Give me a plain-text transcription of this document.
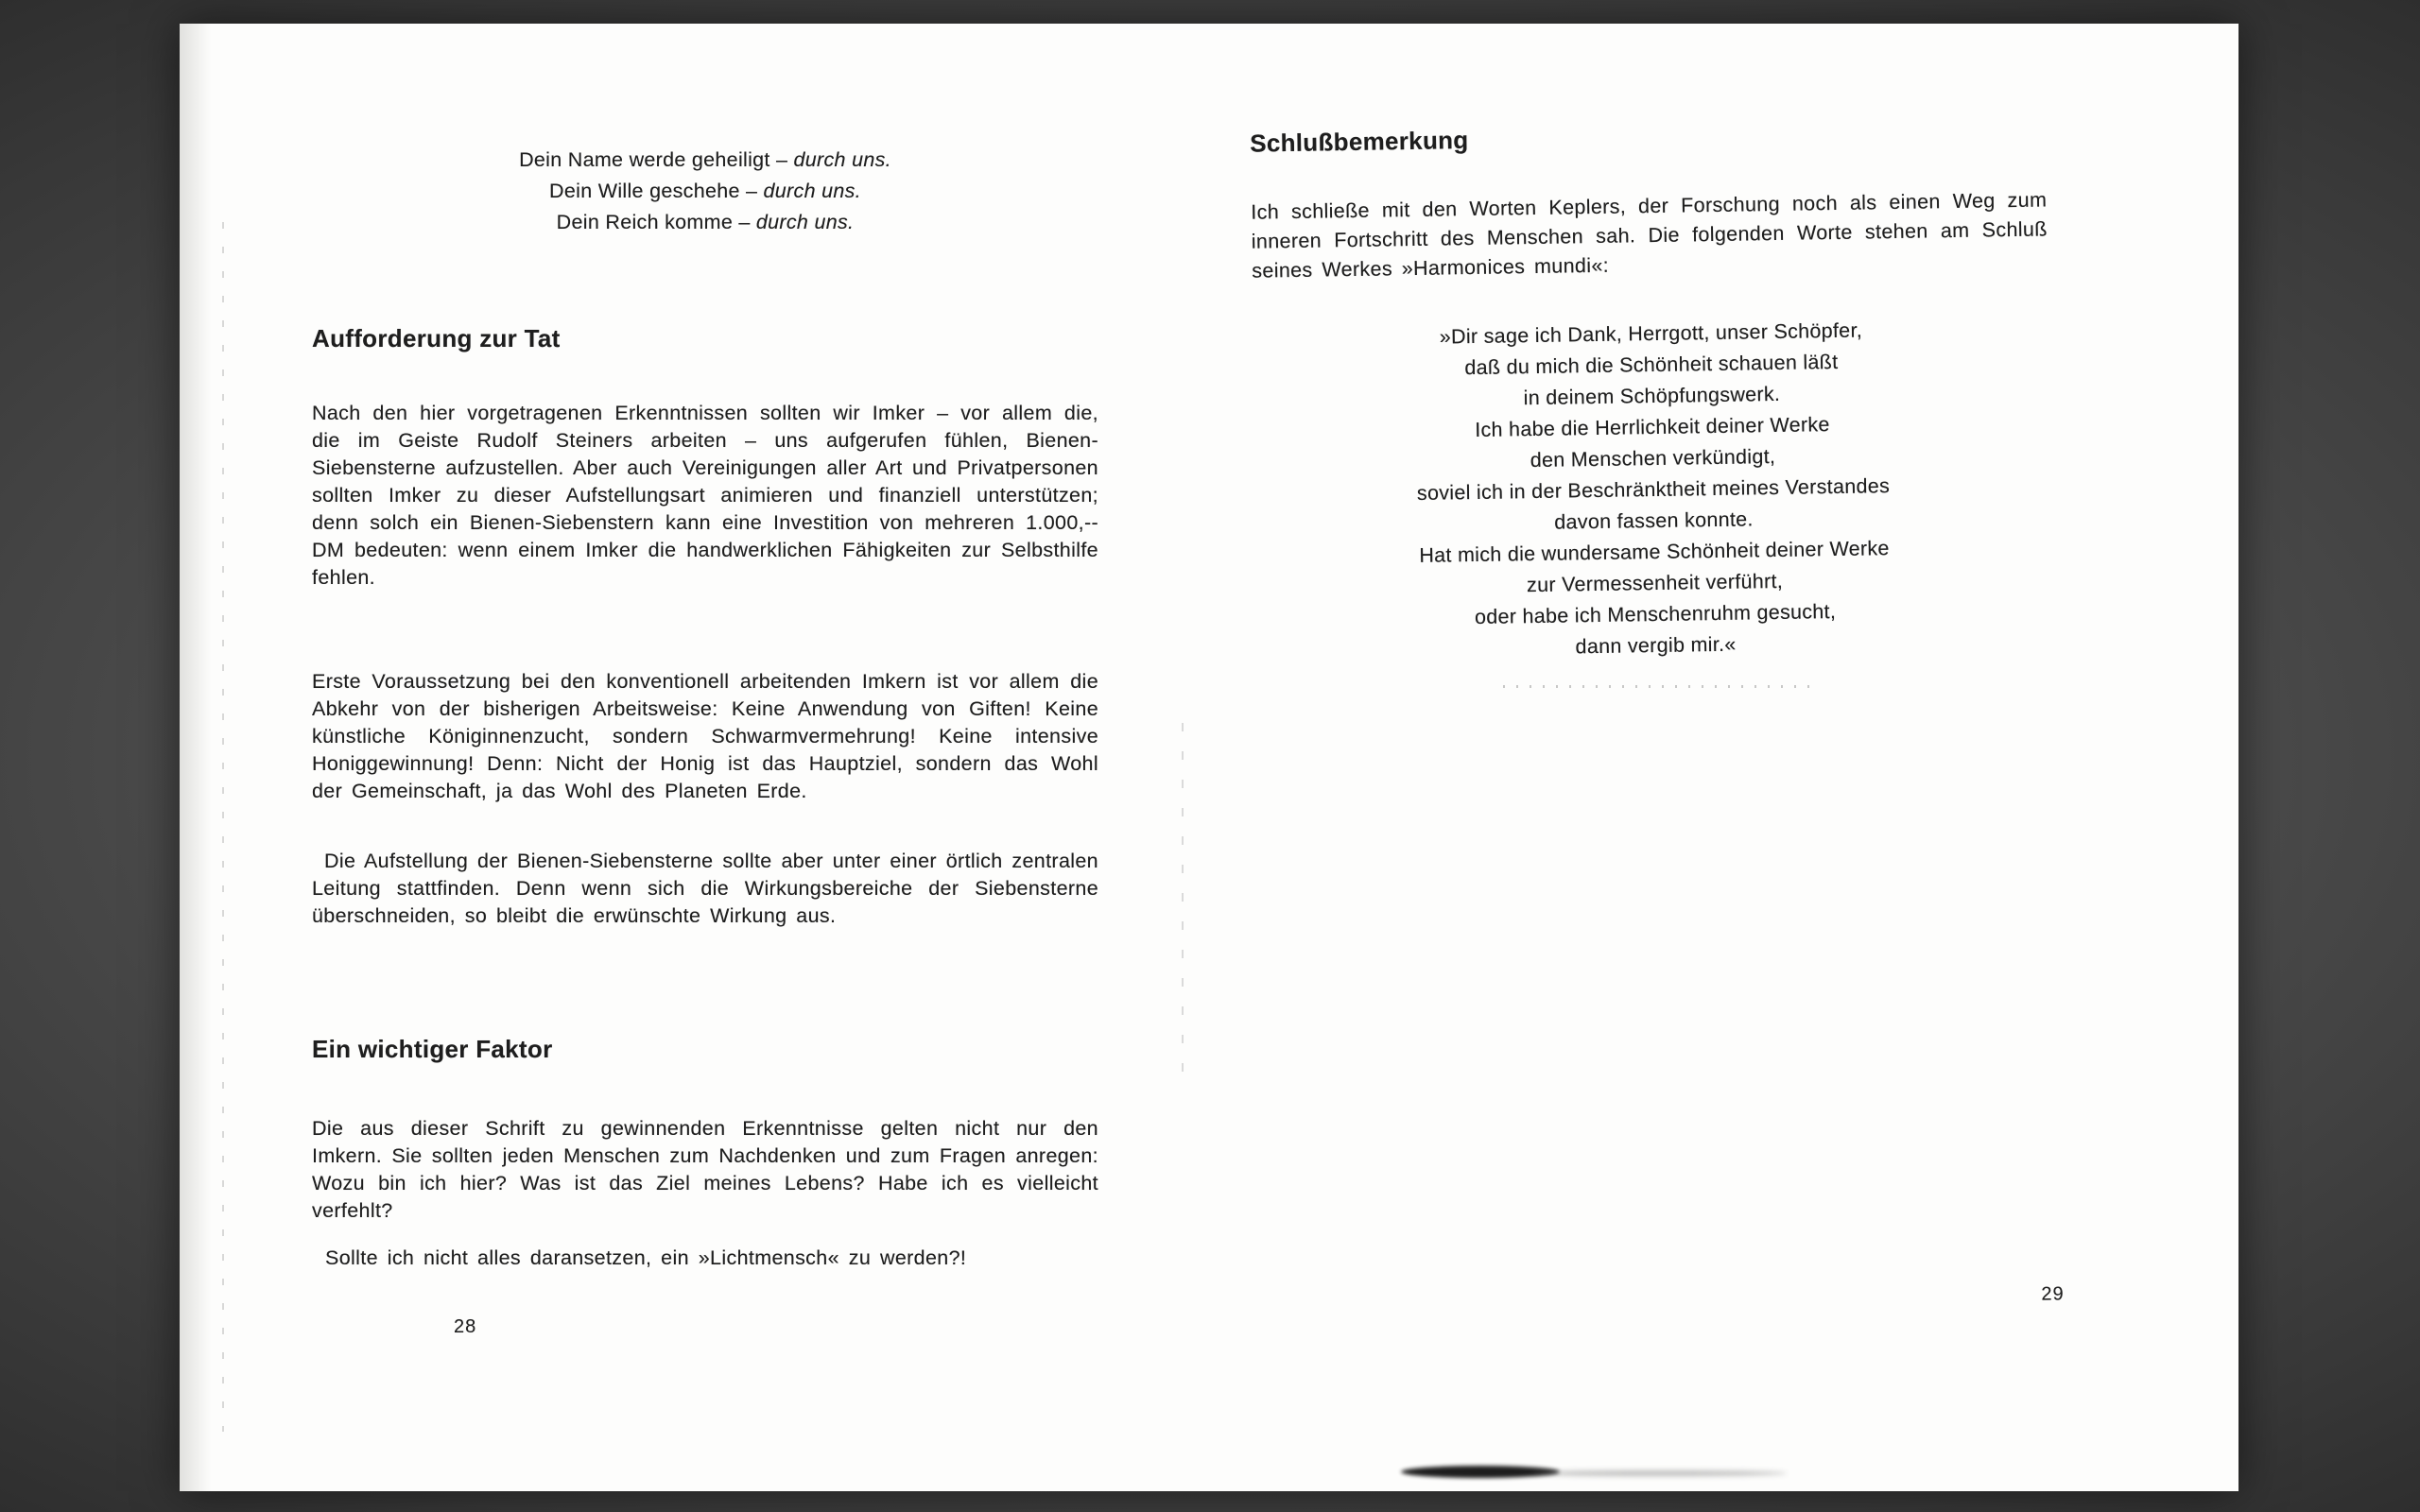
Dein Name werde geheiligt – durch uns.
Dein Wille geschehe – durch uns.
Dein Reich komme – durch uns.
Aufforderung zur Tat

Nach den hier vorgetragenen Erkenntnissen sollten wir Imker – vor allem die, die im Geiste Rudolf Steiners arbeiten – uns aufgerufen fühlen, Bienen-Siebensterne aufzustellen. Aber auch Vereinigungen aller Art und Privatpersonen sollten Imker zu dieser Aufstellungsart animieren und finanziell unterstützen; denn solch ein Bienen-Siebenstern kann eine Investition von mehreren 1.000,-- DM bedeuten: wenn einem Imker die handwerklichen Fähigkeiten zur Selbsthilfe fehlen.

Erste Voraussetzung bei den konventionell arbeitenden Imkern ist vor allem die Abkehr von der bisherigen Arbeitsweise: Keine Anwendung von Giften! Keine künstliche Königinnenzucht, sondern Schwarmvermehrung! Keine intensive Honiggewinnung! Denn: Nicht der Honig ist das Hauptziel, sondern das Wohl der Gemeinschaft, ja das Wohl des Planeten Erde.

Die Aufstellung der Bienen-Siebensterne sollte aber unter einer örtlich zentralen Leitung stattfinden. Denn wenn sich die Wirkungsbereiche der Siebensterne überschneiden, so bleibt die erwünschte Wirkung aus.

Ein wichtiger Faktor

Die aus dieser Schrift zu gewinnenden Erkenntnisse gelten nicht nur den Imkern. Sie sollten jeden Menschen zum Nachdenken und zum Fragen anregen: Wozu bin ich hier? Was ist das Ziel meines Lebens? Habe ich es vielleicht verfehlt?

Sollte ich nicht alles daransetzen, ein »Lichtmensch« zu werden?!

28
Schlußbemerkung

Ich schließe mit den Worten Keplers, der Forschung noch als einen Weg zum inneren Fortschritt des Menschen sah. Die folgenden Worte stehen am Schluß seines Werkes »Harmonices mundi«:

»Dir sage ich Dank, Herrgott, unser Schöpfer,
daß du mich die Schönheit schauen läßt
in deinem Schöpfungswerk.
Ich habe die Herrlichkeit deiner Werke
den Menschen verkündigt,
soviel ich in der Beschränktheit meines Verstandes
davon fassen konnte.
Hat mich die wundersame Schönheit deiner Werke
zur Vermessenheit verführt,
oder habe ich Menschenruhm gesucht,
dann vergib mir.«
29
